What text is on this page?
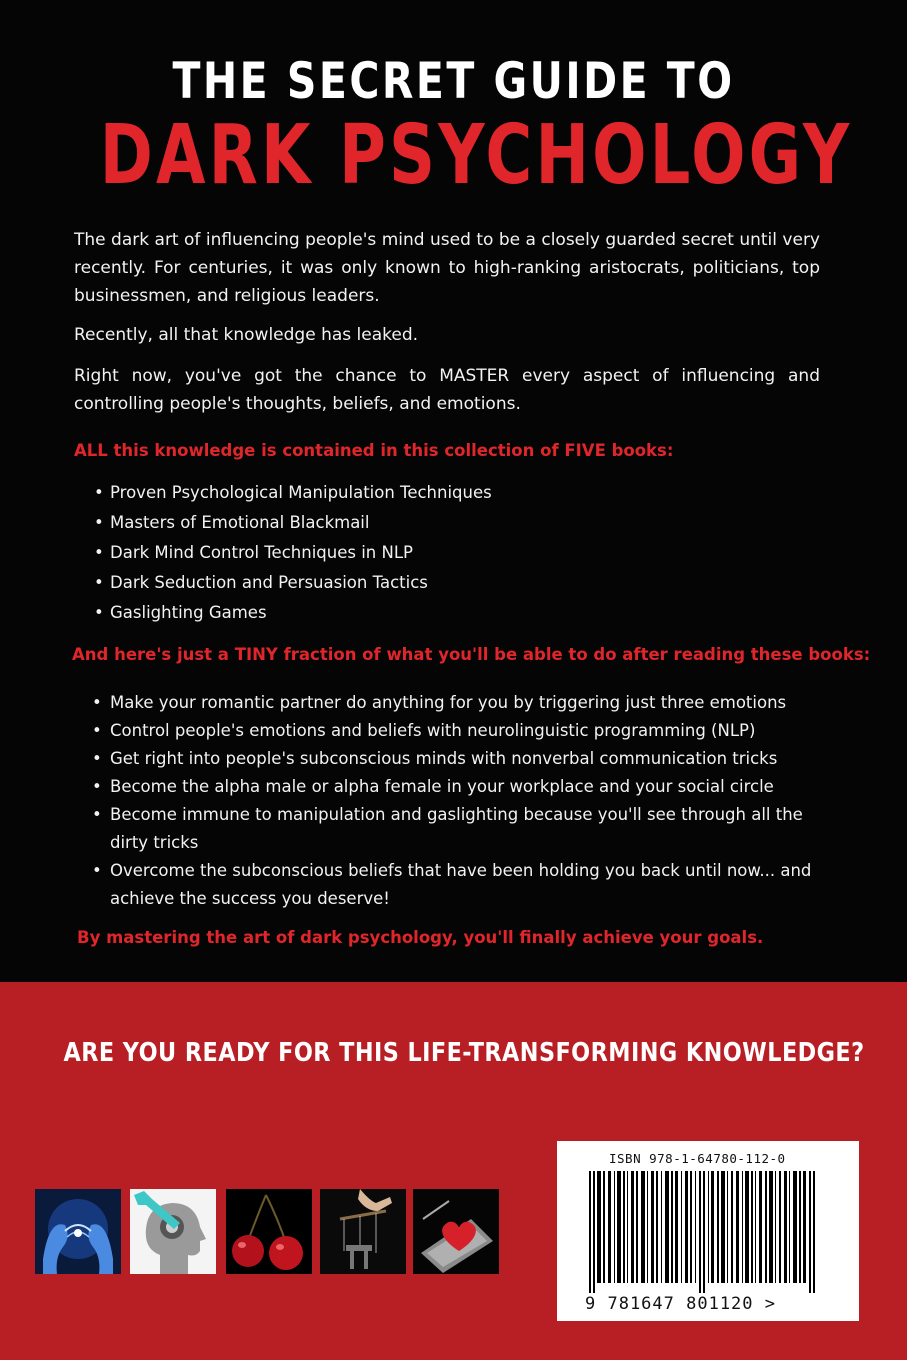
THE SECRET GUIDE TO
DARK PSYCHOLOGY

The dark art of influencing people's mind used to be a closely guarded secret until very recently. For centuries, it was only known to high-ranking aristocrats, politicians, top businessmen, and religious leaders.

Recently, all that knowledge has leaked.

Right now, you've got the chance to MASTER every aspect of influencing and controlling people's thoughts, beliefs, and emotions.

ALL this knowledge is contained in this collection of FIVE books:

• Proven Psychological Manipulation Techniques
• Masters of Emotional Blackmail
• Dark Mind Control Techniques in NLP
• Dark Seduction and Persuasion Tactics
• Gaslighting Games

And here's just a TINY fraction of what you'll be able to do after reading these books:

• Make your romantic partner do anything for you by triggering just three emotions
• Control people's emotions and beliefs with neurolinguistic programming (NLP)
• Get right into people's subconscious minds with nonverbal communication tricks
• Become the alpha male or alpha female in your workplace and your social circle
• Become immune to manipulation and gaslighting because you'll see through all the dirty tricks
• Overcome the subconscious beliefs that have been holding you back until now... and achieve the success you deserve!

By mastering the art of dark psychology, you'll finally achieve your goals.

ARE YOU READY FOR THIS LIFE-TRANSFORMING KNOWLEDGE?
ISBN 978-1-64780-112-0
9 781647 801120 >
